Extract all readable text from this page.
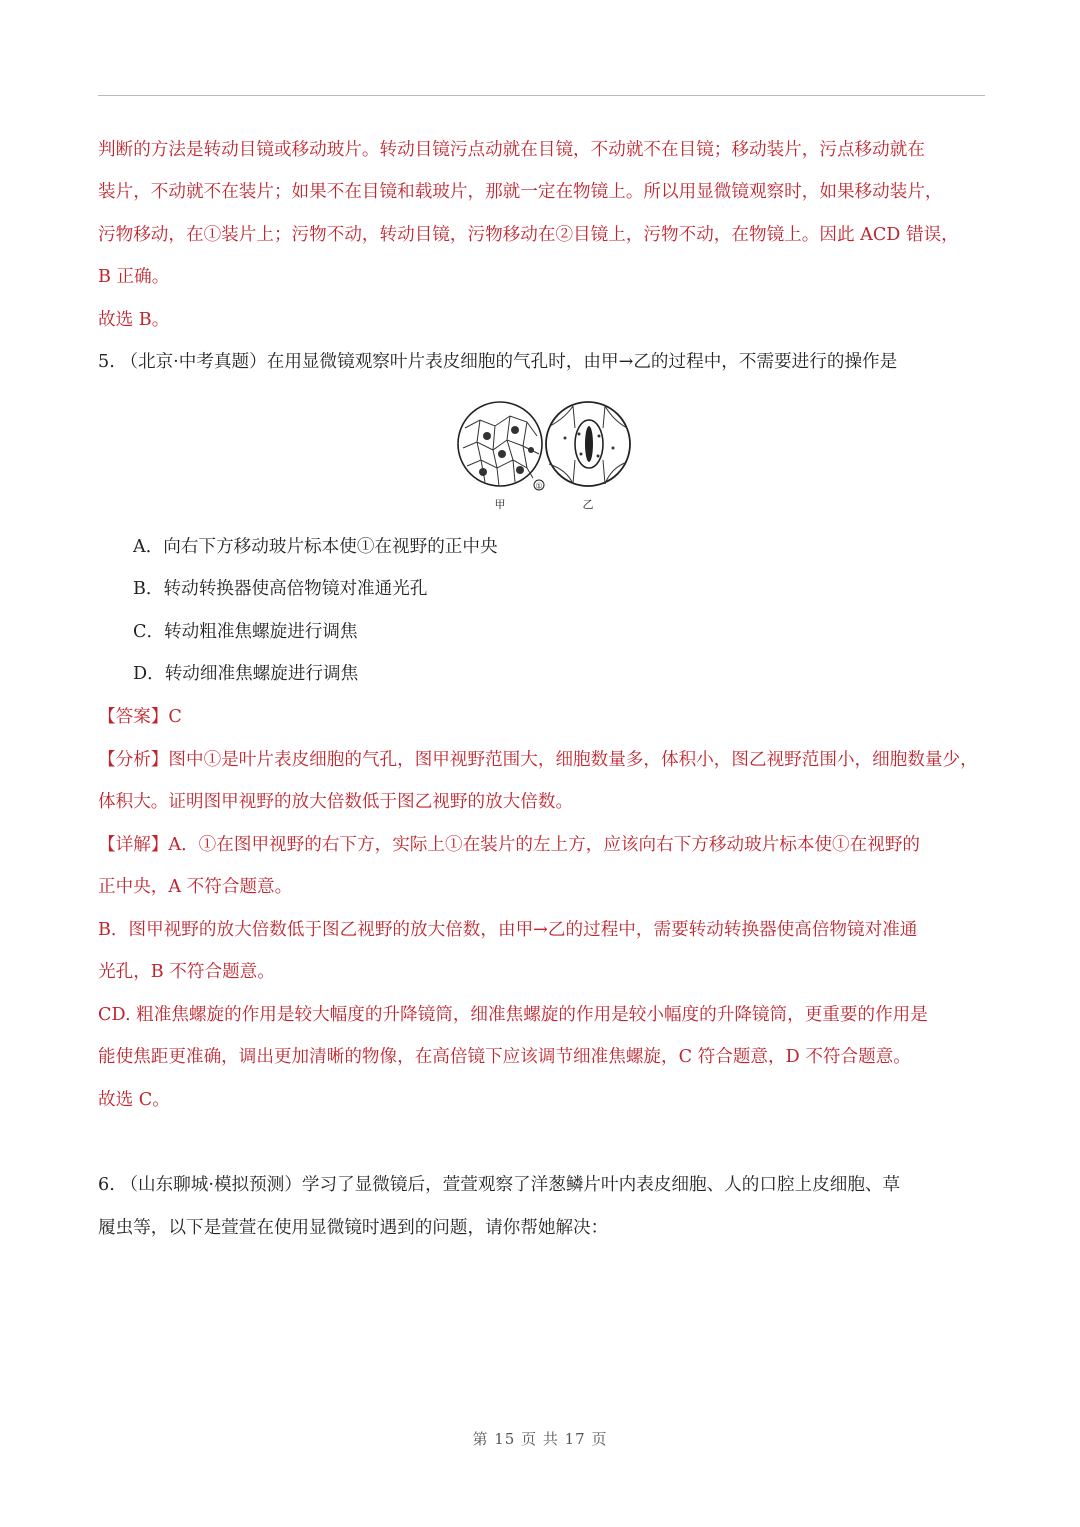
判断的方法是转动目镜或移动玻片。转动目镜污点动就在目镜，不动就不在目镜；移动装片，污点移动就在
装片，不动就不在装片；如果不在目镜和载玻片，那就一定在物镜上。所以用显微镜观察时，如果移动装片，
污物移动，在①装片上；污物不动，转动目镜，污物移动在②目镜上，污物不动，在物镜上。因此 ACD 错误，
B 正确。
故选 B。
5. （北京·中考真题）在用显微镜观察叶片表皮细胞的气孔时，由甲→乙的过程中，不需要进行的操作是
①
甲	乙
A．向右下方移动玻片标本使①在视野的正中央
B．转动转换器使高倍物镜对准通光孔
C．转动粗准焦螺旋进行调焦
D．转动细准焦螺旋进行调焦
【答案】C
【分析】图中①是叶片表皮细胞的气孔，图甲视野范围大，细胞数量多，体积小，图乙视野范围小，细胞数量少，
体积大。证明图甲视野的放大倍数低于图乙视野的放大倍数。
【详解】A．①在图甲视野的右下方，实际上①在装片的左上方，应该向右下方移动玻片标本使①在视野的
正中央，A 不符合题意。
B．图甲视野的放大倍数低于图乙视野的放大倍数，由甲→乙的过程中，需要转动转换器使高倍物镜对准通
光孔，B 不符合题意。
CD. 粗准焦螺旋的作用是较大幅度的升降镜筒，细准焦螺旋的作用是较小幅度的升降镜筒，更重要的作用是
能使焦距更准确，调出更加清晰的物像，在高倍镜下应该调节细准焦螺旋，C 符合题意，D 不符合题意。
故选 C。
6. （山东聊城·模拟预测）学习了显微镜后，萱萱观察了洋葱鳞片叶内表皮细胞、人的口腔上皮细胞、草
履虫等，以下是萱萱在使用显微镜时遇到的问题，请你帮她解决：
第 15 页 共 17 页
